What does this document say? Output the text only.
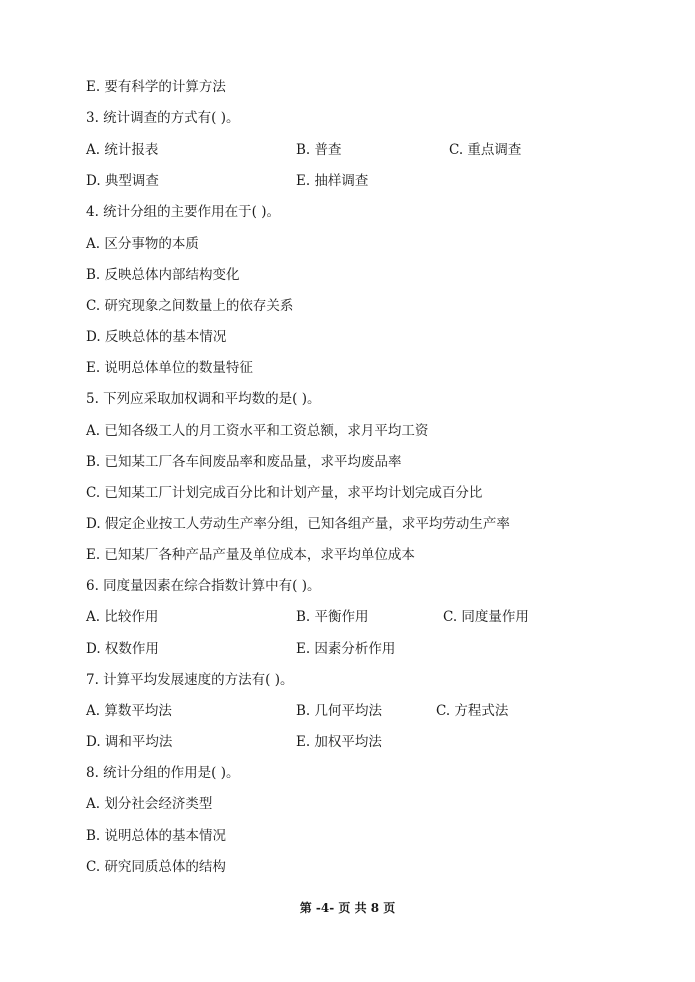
E. 要有科学的计算方法
3. 统计调查的方式有( )。
A. 统计报表	B. 普查	C. 重点调查
D. 典型调查	E. 抽样调查
4. 统计分组的主要作用在于( )。
A. 区分事物的本质
B. 反映总体内部结构变化
C. 研究现象之间数量上的依存关系
D. 反映总体的基本情况
E. 说明总体单位的数量特征
5. 下列应采取加权调和平均数的是( )。
A. 已知各级工人的月工资水平和工资总额，求月平均工资
B. 已知某工厂各车间废品率和废品量，求平均废品率
C. 已知某工厂计划完成百分比和计划产量，求平均计划完成百分比
D. 假定企业按工人劳动生产率分组，已知各组产量，求平均劳动生产率
E. 已知某厂各种产品产量及单位成本，求平均单位成本
6. 同度量因素在综合指数计算中有( )。
A. 比较作用	B. 平衡作用	C. 同度量作用
D. 权数作用	E. 因素分析作用
7. 计算平均发展速度的方法有( )。
A. 算数平均法	B. 几何平均法	C. 方程式法
D. 调和平均法	E. 加权平均法
8. 统计分组的作用是( )。
A. 划分社会经济类型
B. 说明总体的基本情况
C. 研究同质总体的结构
第 -4- 页 共 8 页
